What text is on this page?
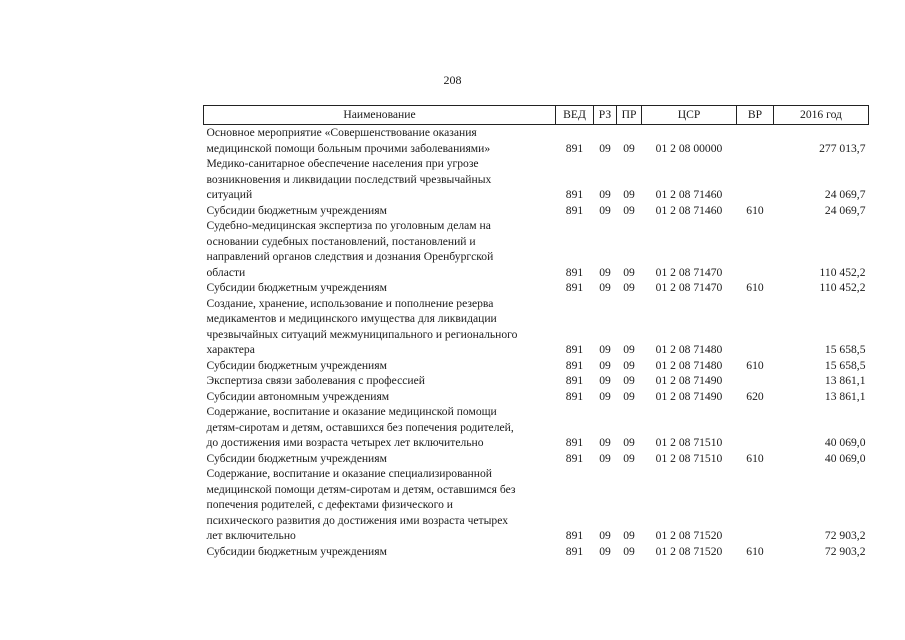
208
Наименование	ВЕД	РЗ	ПР	ЦСР	ВР	2016 год

Основное мероприятие «Совершенствование оказания
медицинской помощи больным прочими заболеваниями»	891	09	09	01 2 08 00000		277 013,7

Медико-санитарное обеспечение населения при угрозе
возникновения и ликвидации последствий чрезвычайных
ситуаций	891	09	09	01 2 08 71460		24 069,7

Субсидии бюджетным учреждениям	891	09	09	01 2 08 71460	610	24 069,7

Судебно-медицинская экспертиза по уголовным делам на
основании судебных постановлений, постановлений и
направлений органов следствия и дознания Оренбургской
области	891	09	09	01 2 08 71470		110 452,2

Субсидии бюджетным учреждениям	891	09	09	01 2 08 71470	610	110 452,2

Создание, хранение, использование и пополнение резерва
медикаментов и медицинского имущества для ликвидации
чрезвычайных ситуаций межмуниципального и регионального
характера	891	09	09	01 2 08 71480		15 658,5

Субсидии бюджетным учреждениям	891	09	09	01 2 08 71480	610	15 658,5

Экспертиза связи заболевания с профессией	891	09	09	01 2 08 71490		13 861,1

Субсидии автономным учреждениям	891	09	09	01 2 08 71490	620	13 861,1

Содержание, воспитание и оказание медицинской помощи
детям-сиротам и детям, оставшихся без попечения родителей,
до достижения ими возраста четырех лет включительно	891	09	09	01 2 08 71510		40 069,0

Субсидии бюджетным учреждениям	891	09	09	01 2 08 71510	610	40 069,0

Содержание, воспитание и оказание специализированной
медицинской помощи детям-сиротам и детям, оставшимся без
попечения родителей, с дефектами физического и
психического развития до достижения ими возраста четырех
лет включительно	891	09	09	01 2 08 71520		72 903,2

Субсидии бюджетным учреждениям	891	09	09	01 2 08 71520	610	72 903,2
